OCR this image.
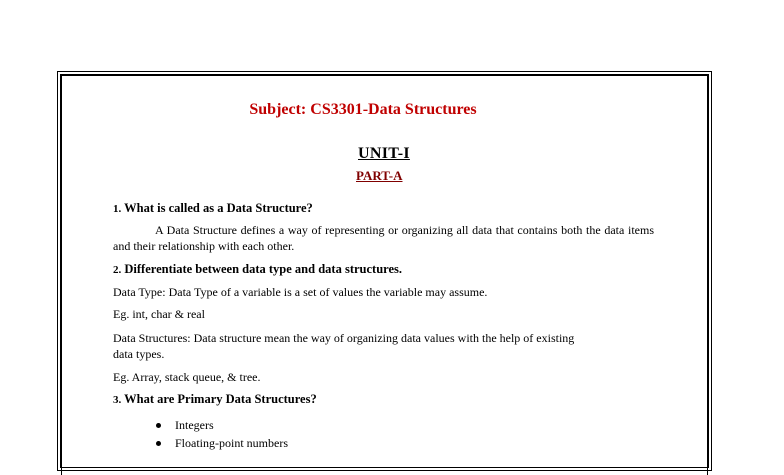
Subject: CS3301-Data Structures
UNIT-I
PART-A
1. What is called as a Data Structure?
A Data Structure defines a way of representing or organizing all data that contains both the data items and their relationship with each other.
2. Differentiate between data type and data structures.
Data Type: Data Type of a variable is a set of values the variable may assume.
Eg. int, char & real
Data Structures: Data structure mean the way of organizing data values with the help of existing
data types.
Eg. Array, stack queue, & tree.
3. What are Primary Data Structures?
Integers
Floating-point numbers
